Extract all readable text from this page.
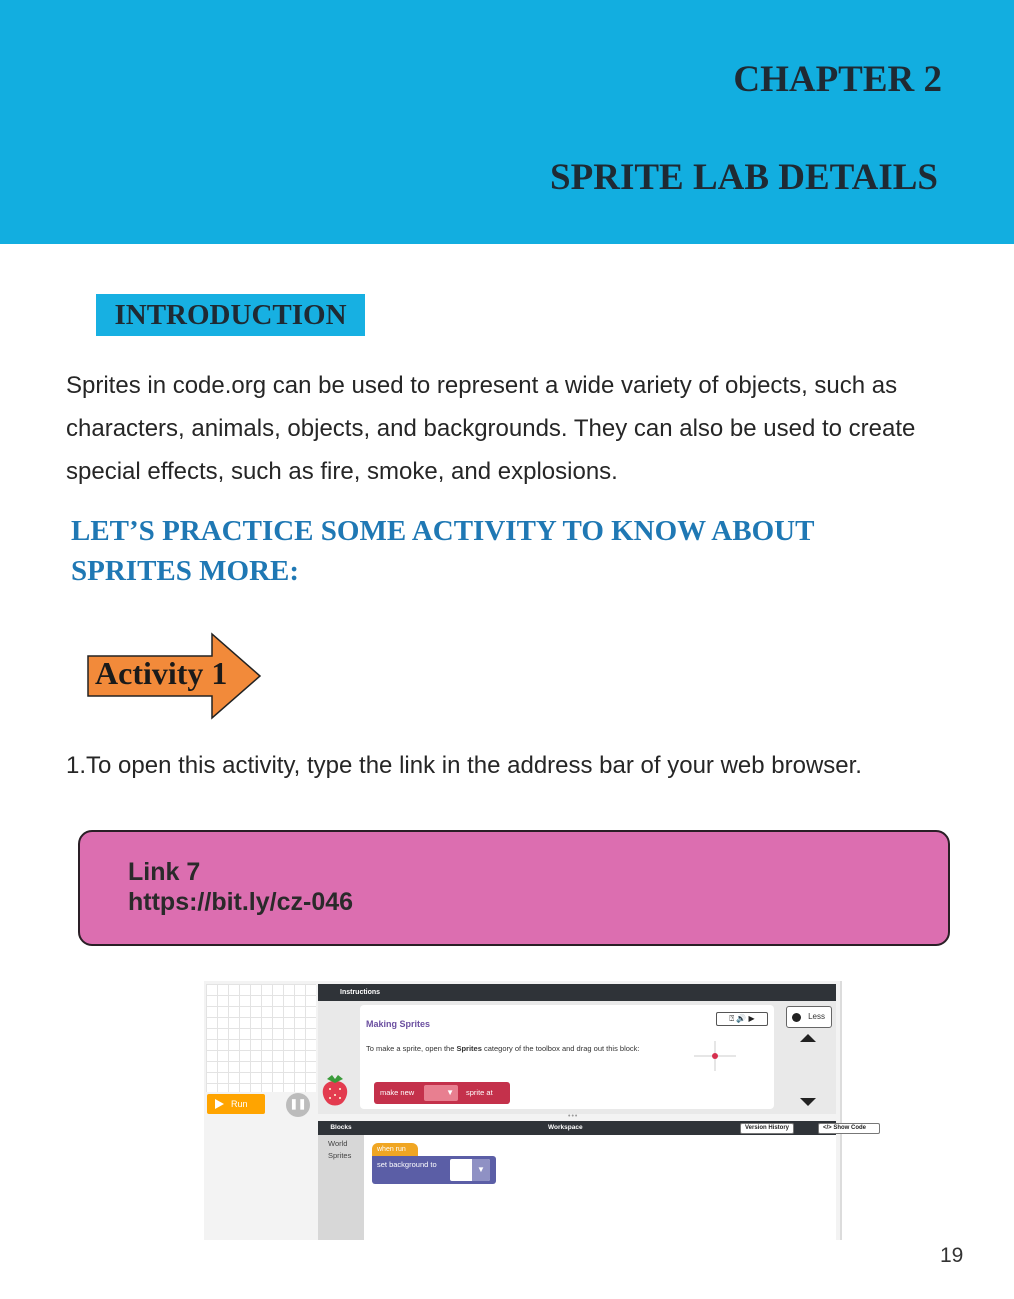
CHAPTER 2
SPRITE LAB DETAILS
INTRODUCTION

Sprites in code.org can be used to represent a wide variety of objects, such as characters, animals, objects, and backgrounds. They can also be used to create special effects, such as fire, smoke, and explosions.

LET’S PRACTICE SOME ACTIVITY TO KNOW ABOUT SPRITES MORE:
Activity 1

1.To open this activity, type the link in the address bar of your web browser.

Link 7
https://bit.ly/cz-046
Run	❚❚
Instructions
Making Sprites
To make a sprite, open the Sprites category of the toolbox and drag out this block:
⍰ 🔊 ▶
make new	▼	sprite at
Less
•••
Blocks
World
Sprites
Workspace	Version History	</> Show Code
when run
set background to
▼
19
